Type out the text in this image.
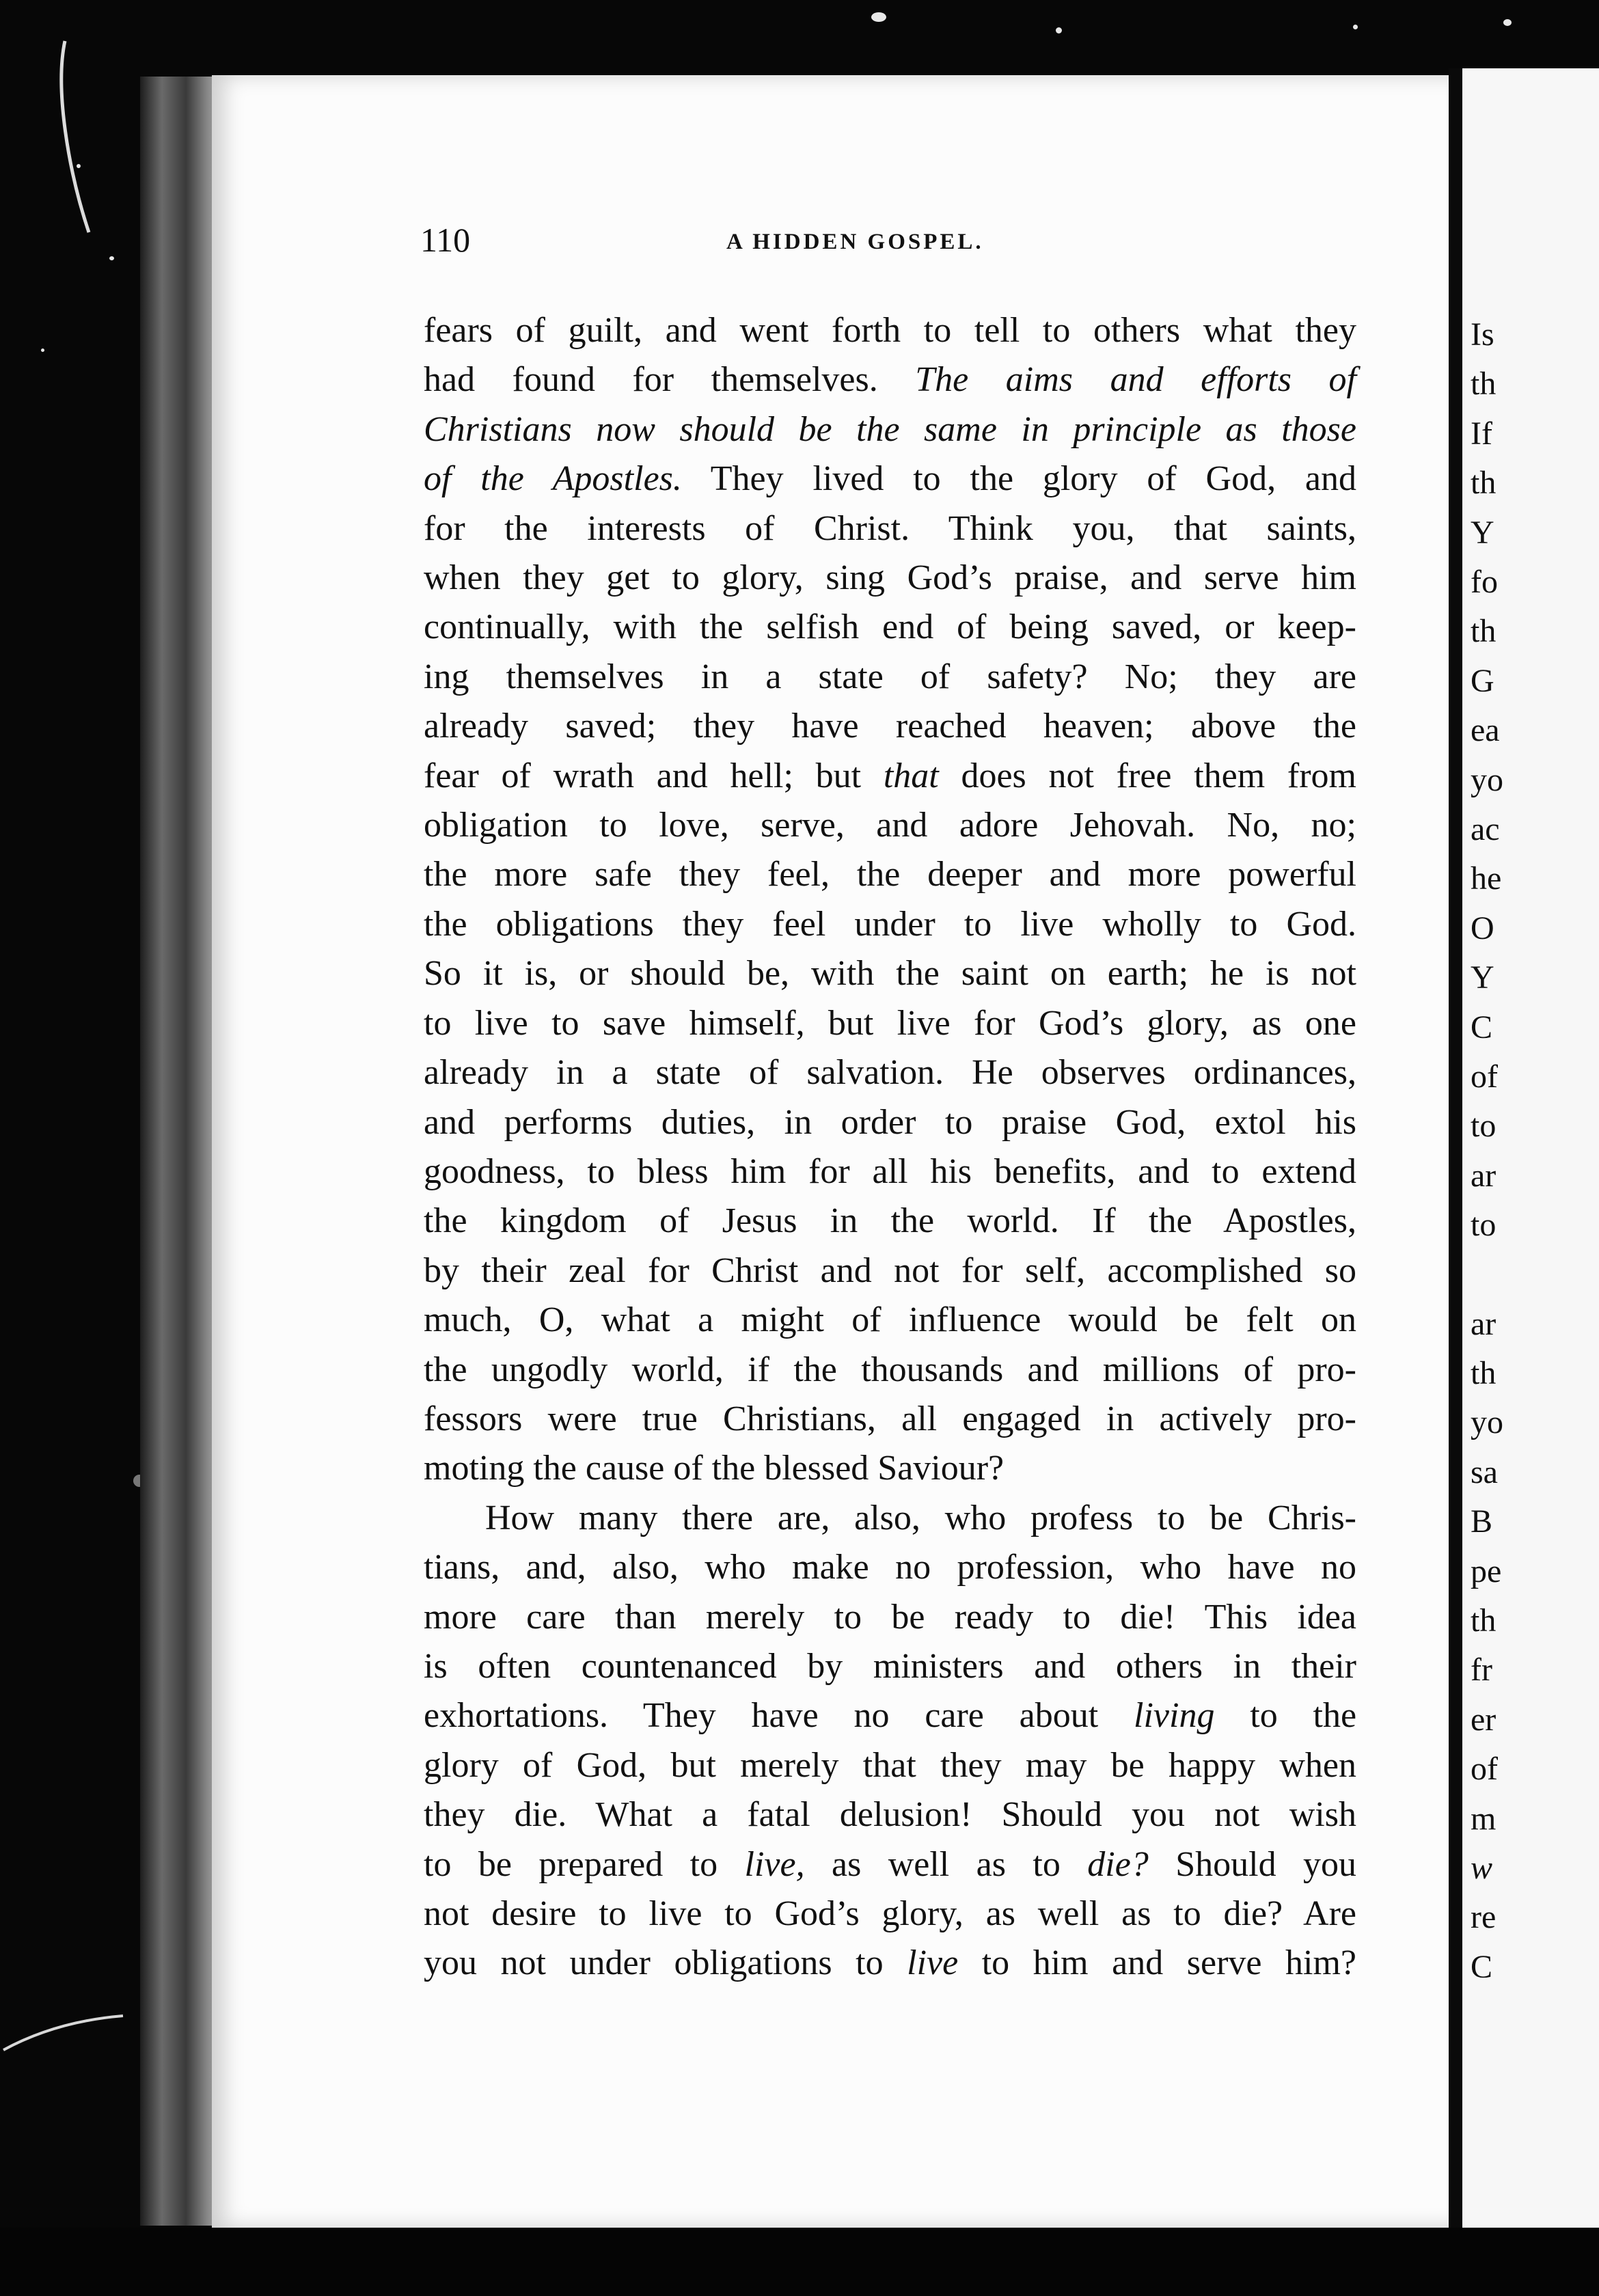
110	A HIDDEN GOSPEL.

fears of guilt, and went forth to tell to others what they
had found for themselves. The aims and efforts of
Christians now should be the same in principle as those
of the Apostles. They lived to the glory of God, and
for the interests of Christ. Think you, that saints,
when they get to glory, sing God’s praise, and serve him
continually, with the selfish end of being saved, or keep-
ing themselves in a state of safety? No; they are
already saved; they have reached heaven; above the
fear of wrath and hell; but that does not free them from
obligation to love, serve, and adore Jehovah. No, no;
the more safe they feel, the deeper and more powerful
the obligations they feel under to live wholly to God.
So it is, or should be, with the saint on earth; he is not
to live to save himself, but live for God’s glory, as one
already in a state of salvation. He observes ordinances,
and performs duties, in order to praise God, extol his
goodness, to bless him for all his benefits, and to extend
the kingdom of Jesus in the world. If the Apostles,
by their zeal for Christ and not for self, accomplished so
much, O, what a might of influence would be felt on
the ungodly world, if the thousands and millions of pro-
fessors were true Christians, all engaged in actively pro-
moting the cause of the blessed Saviour?

How many there are, also, who profess to be Chris-
tians, and, also, who make no profession, who have no
more care than merely to be ready to die! This idea
is often countenanced by ministers and others in their
exhortations. They have no care about living to the
glory of God, but merely that they may be happy when
they die. What a fatal delusion! Should you not wish
to be prepared to live, as well as to die? Should you
not desire to live to God’s glory, as well as to die? Are
you not under obligations to live to him and serve him?

Is
th
If
th
Y
fo
th
G
ea
yo
ac
he
O
Y
C
of
to
ar
to
ar
th
yo
sa
B
pe
th
fr
er
of
m
w
re
C
